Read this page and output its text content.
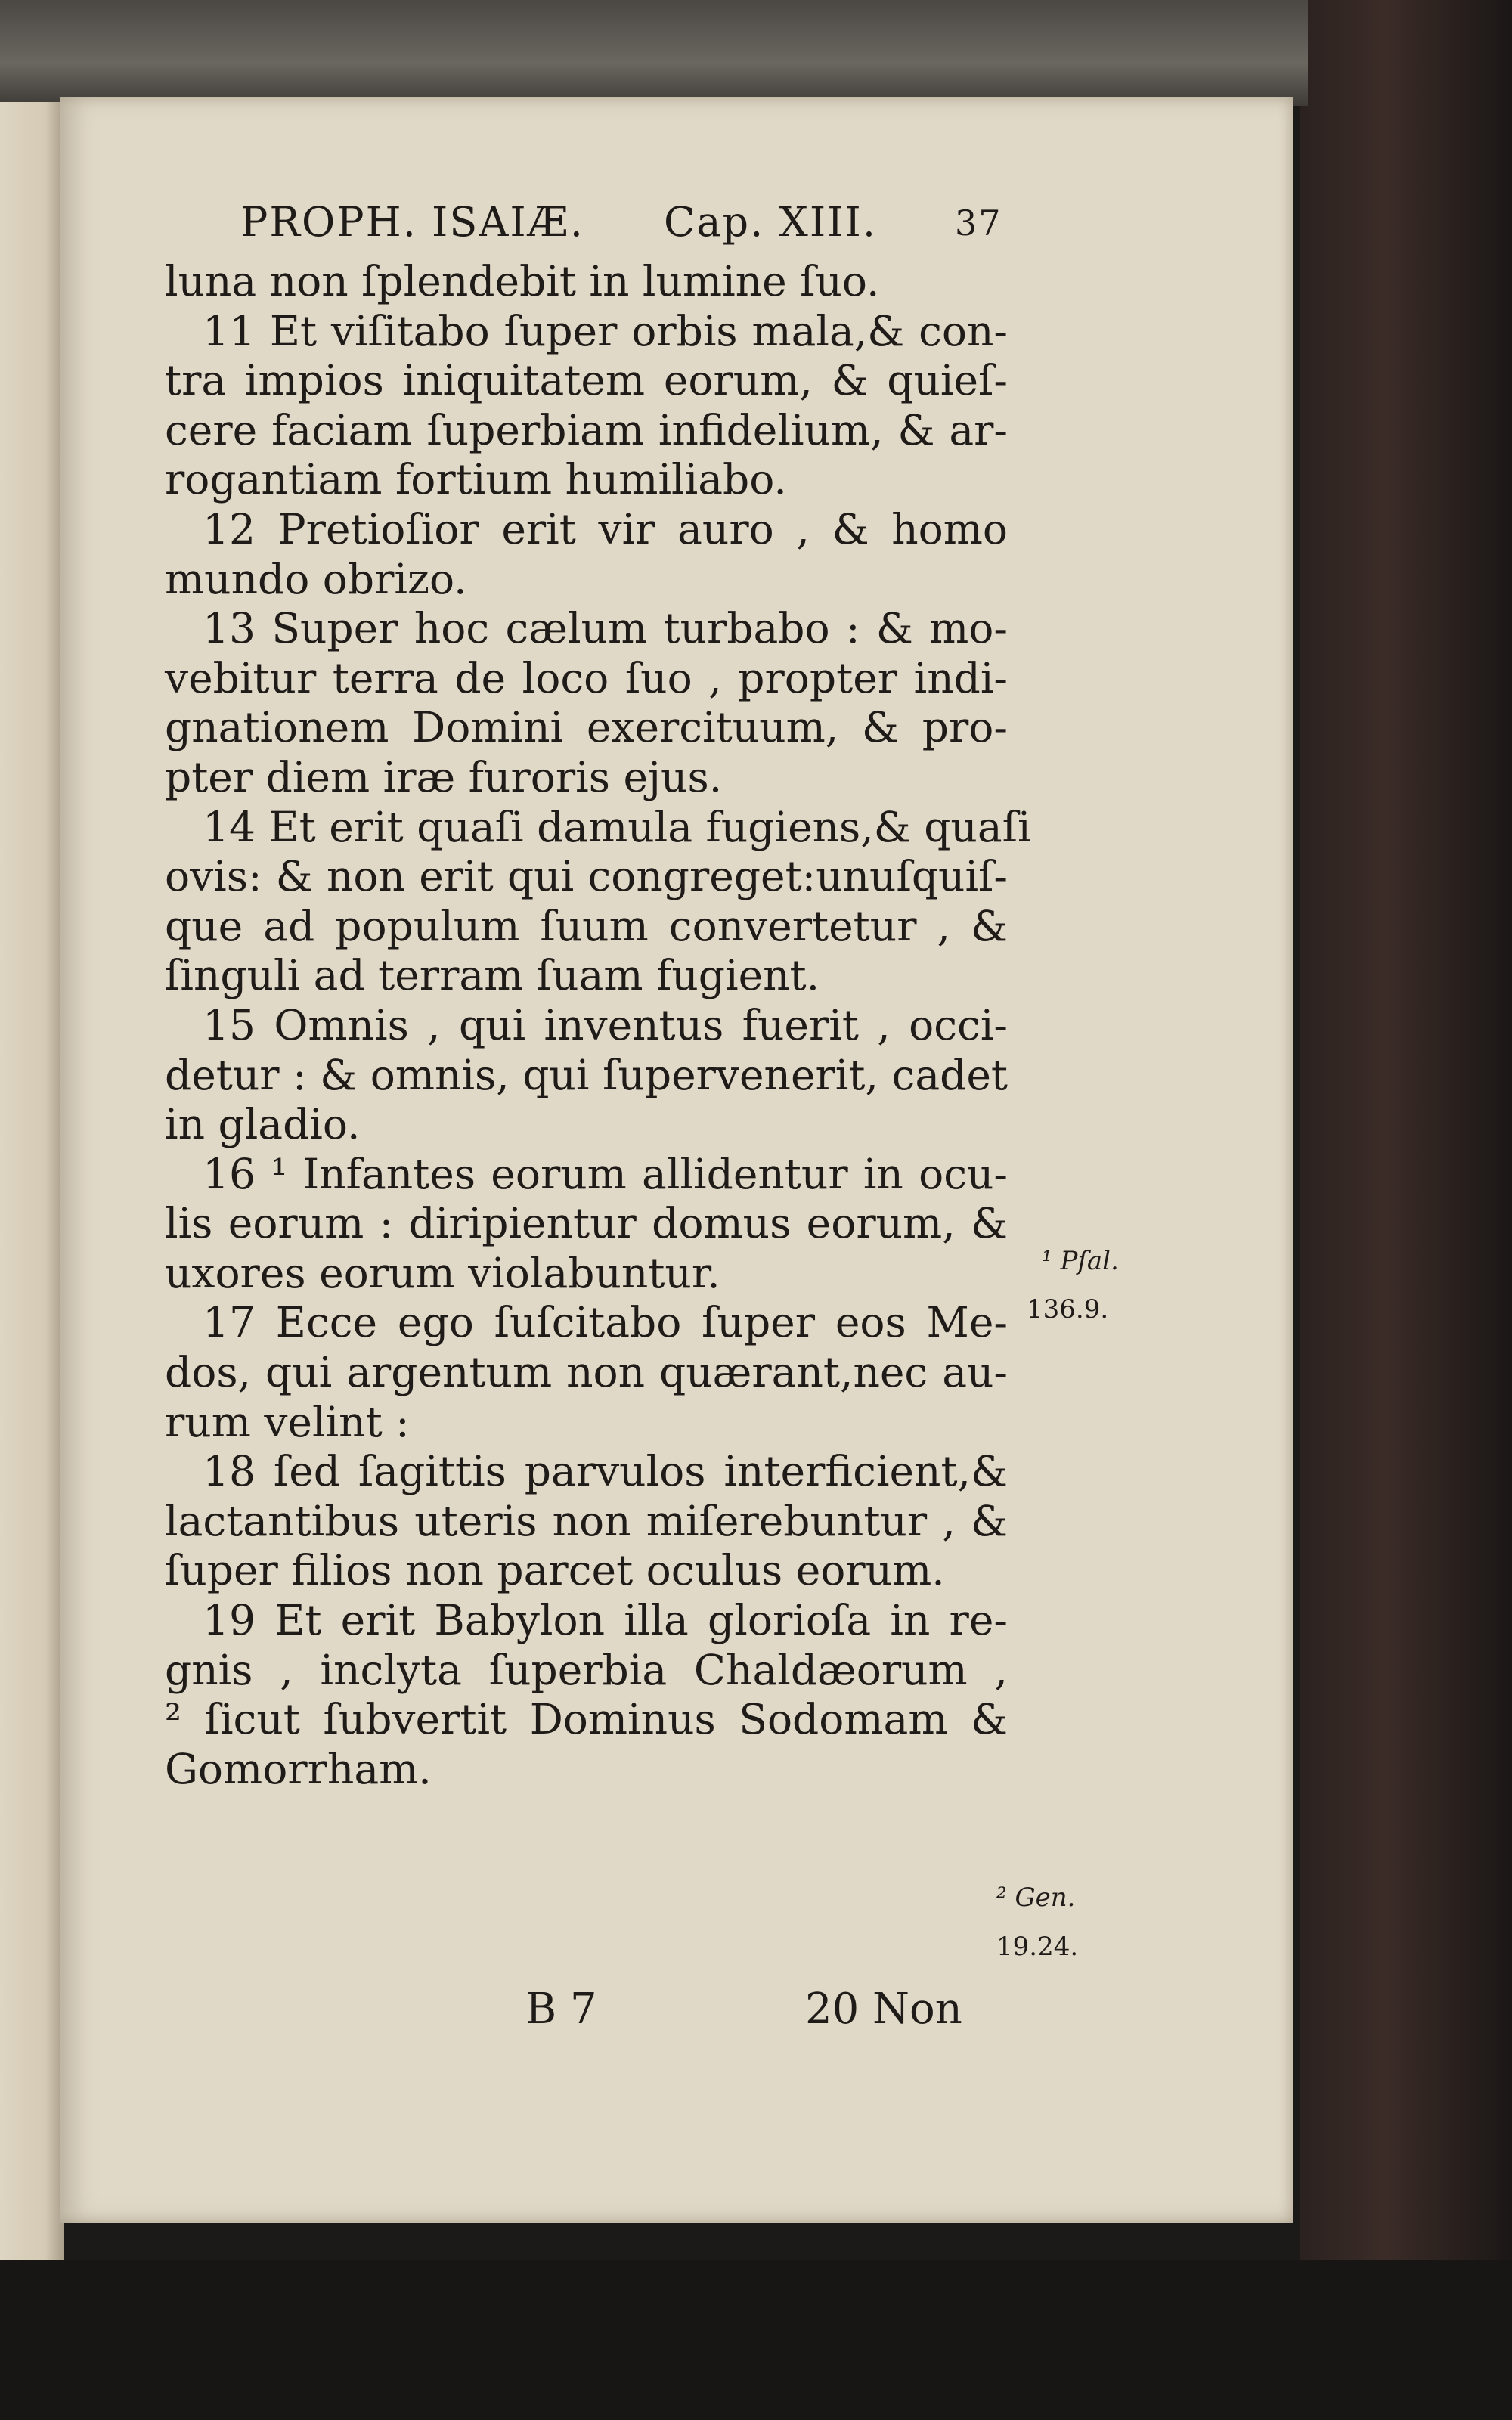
PROPH. ISAIÆ. Cap. XIII. 37
luna non ſplendebit in lumine ſuo.
11 Et viſitabo ſuper orbis mala,& con-
tra impios iniquitatem eorum, & quieſ-
cere faciam ſuperbiam infidelium, & ar-
rogantiam fortium humiliabo.
12 Pretioſior erit vir auro , & homo
mundo obrizo.
13 Super hoc cælum turbabo : & mo-
vebitur terra de loco ſuo , propter indi-
gnationem Domini exercituum, & pro-
pter diem iræ furoris ejus.
14 Et erit quaſi damula fugiens,& quaſi
ovis: & non erit qui congreget:unuſquiſ-
que ad populum ſuum convertetur , &
ſinguli ad terram ſuam fugient.
15 Omnis , qui inventus fuerit , occi-
detur : & omnis, qui ſupervenerit, cadet
in gladio.
16 ¹ Infantes eorum allidentur in ocu-
lis eorum : diripientur domus eorum, &
uxores eorum violabuntur.
17 Ecce ego ſuſcitabo ſuper eos Me-
dos, qui argentum non quærant,nec au-
rum velint :
18 ſed ſagittis parvulos interficient,&
lactantibus uteris non miſerebuntur , &
ſuper filios non parcet oculus eorum.
19 Et erit Babylon illa glorioſa in re-
gnis , inclyta ſuperbia Chaldæorum ,
² ſicut ſubvertit Dominus Sodomam &
Gomorrham.
¹ Pſal.
136.9.
² Gen.
19.24.
B 7	20 Non
